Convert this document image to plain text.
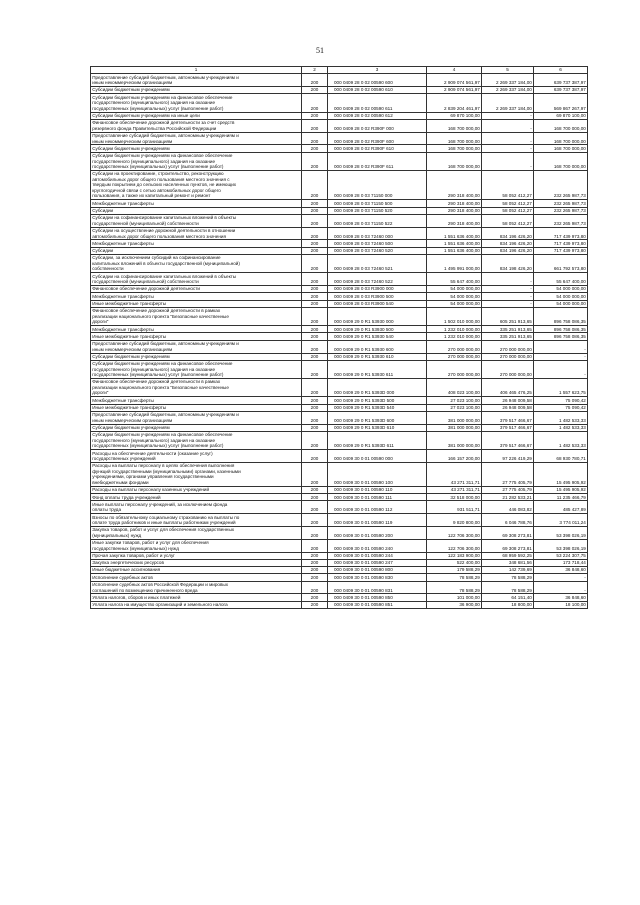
51
1	2	3	4	5	6
Предоставление субсидий бюджетным, автономным учреждениям и
иным некоммерческим организациям	200	000 0409 28 0 02 00590 600	2 909 074 561,97	2 269 337 184,00	639 737 387,97
Субсидии бюджетным учреждениям	200	000 0409 28 0 02 00590 610	2 909 074 561,97	2 269 337 184,00	639 737 387,97
Субсидии бюджетным учреждениям на финансовое обеспечение
государственного (муниципального) задания на оказание
государственных (муниципальных) услуг (выполнение работ)	200	000 0409 28 0 02 00590 611	2 839 204 461,97	2 269 337 184,00	569 867 267,97
Субсидии бюджетным учреждениям на иные цели	200	000 0409 28 0 02 00590 612	69 870 100,00	-	69 870 100,00
Финансовое обеспечение дорожной деятельности за счет средств
резервного фонда Правительства Российской Федерации	200	000 0409 28 0 02 R390F 000	168 700 000,00	-	168 700 000,00
Предоставление субсидий бюджетным, автономным учреждениям и
иным некоммерческим организациям	200	000 0409 28 0 02 R390F 600	168 700 000,00	-	168 700 000,00
Субсидии бюджетным учреждениям	200	000 0409 28 0 02 R390F 610	168 700 000,00	-	168 700 000,00
Субсидии бюджетным учреждениям на финансовое обеспечение
государственного (муниципального) задания на оказание
государственных (муниципальных) услуг (выполнение работ)	200	000 0409 28 0 02 R390F 611	168 700 000,00	-	168 700 000,00
Субсидии на проектирование, строительство, реконструкцию
автомобильных дорог общего пользования местного значения с
твердым покрытием до сельских населенных пунктов, не имеющих
круглогодичной связи с сетью автомобильных дорог общего
пользования, а также их капитальный ремонт и ремонт	200	000 0409 28 0 03 71150 000	290 318 400,00	58 052 412,27	232 265 987,73
Межбюджетные трансферты	200	000 0409 28 0 03 71150 500	290 318 400,00	58 052 412,27	232 265 987,73
Субсидии	200	000 0409 28 0 03 71150 520	290 318 400,00	58 052 412,27	232 265 987,73
Субсидии на софинансирование капитальных вложений в объекты
государственной (муниципальной) собственности	200	000 0409 28 0 03 71150 522	290 318 400,00	58 052 412,27	232 265 987,73
Субсидии на осуществление дорожной деятельности в отношении
автомобильных дорог общего пользования местного значения	200	000 0409 28 0 03 72460 000	1 551 636 400,00	834 196 426,20	717 439 973,80
Межбюджетные трансферты	200	000 0409 28 0 03 72460 500	1 551 636 400,00	834 196 426,20	717 439 973,80
Субсидии	200	000 0409 28 0 03 72460 520	1 551 636 400,00	834 196 426,20	717 439 973,80
Субсидии, за исключением субсидий на софинансирование
капитальных вложений в объекты государственной (муниципальной)
собственности	200	000 0409 28 0 03 72460 521	1 495 991 000,00	834 198 426,20	661 792 573,80
Субсидии на софинансирование капитальных вложений в объекты
государственной (муниципальной) собственности	200	000 0409 28 0 03 72460 522	55 647 400,00	-	55 647 400,00
Финансовое обеспечение дорожной деятельности	200	000 0409 28 0 03 R3900 000	54 000 000,00	-	54 000 000,00
Межбюджетные трансферты	200	000 0409 28 0 03 R3900 500	54 000 000,00	-	54 000 000,00
Иные межбюджетные трансферты	200	000 0409 28 0 03 R3900 540	54 000 000,00	-	54 000 000,00
Финансовое обеспечение дорожной деятельности в рамках
реализации национального проекта "Безопасные качественные
дороги"	200	000 0409 29 0 R1 53930 000	1 502 010 000,00	605 251 913,65	896 758 086,35
Межбюджетные трансферты	200	000 0409 29 0 R1 53930 500	1 232 010 000,00	335 251 913,65	896 758 086,35
Иные межбюджетные трансферты	200	000 0409 29 0 R1 53930 540	1 232 010 000,00	335 251 913,65	896 758 086,35
Предоставление субсидий бюджетным, автономным учреждениям и
иным некоммерческим организациям	200	000 0409 29 0 R1 53930 600	270 000 000,00	270 000 000,00	-
Субсидии бюджетным учреждениям	200	000 0409 29 0 R1 53930 610	270 000 000,00	270 000 000,00	-
Субсидии бюджетным учреждениям на финансовое обеспечение
государственного (муниципального) задания на оказание
государственных (муниципальных) услуг (выполнение работ)	200	000 0409 29 0 R1 53930 611	270 000 000,00	270 000 000,00	-
Финансовое обеспечение дорожной деятельности в рамках
реализации национального проекта "Безопасные качественные
дороги"	200	000 0409 29 0 R1 5393D 000	408 023 100,00	406 465 476,25	1 557 623,75
Межбюджетные трансферты	200	000 0409 29 0 R1 5393D 500	27 023 100,00	26 948 009,58	75 090,42
Иные межбюджетные трансферты	200	000 0409 29 0 R1 5393D 540	27 023 100,00	26 948 009,58	75 090,42
Предоставление субсидий бюджетным, автономным учреждениям и
иным некоммерческим организациям	200	000 0409 29 0 R1 5393D 600	381 000 000,00	379 517 466,67	1 482 533,33
Субсидии бюджетным учреждениям	200	000 0409 29 0 R1 5393D 610	381 000 000,00	379 517 466,67	1 482 533,33
Субсидии бюджетным учреждениям на финансовое обеспечение
государственного (муниципального) задания на оказание
государственных (муниципальных) услуг (выполнение работ)	200	000 0409 29 0 R1 5393D 611	381 000 000,00	379 517 466,67	1 482 533,33
Расходы на обеспечение деятельности (оказание услуг)
государственных учреждений	200	000 0409 30 0 01 00590 000	166 157 200,00	97 226 419,29	68 930 780,71
Расходы на выплаты персоналу в целях обеспечения выполнения
функций государственными (муниципальными) органами, казенными
учреждениями, органами управления государственными
внебюджетными фондами	200	000 0409 30 0 01 00590 100	43 271 311,71	27 775 405,79	15 495 905,92
Расходы на выплаты персоналу казенных учреждений	200	000 0409 30 0 01 00590 110	43 271 311,71	27 775 405,79	15 495 905,92
Фонд оплаты труда учреждений	200	000 0409 30 0 01 00590 111	32 518 000,00	21 282 533,21	11 235 466,79
Иные выплаты персоналу учреждений, за исключением фонда
оплаты труда	200	000 0409 30 0 01 00590 112	931 511,71	446 083,82	485 427,89
Взносы по обязательному социальному страхованию на выплаты по
оплате труда работников и иные выплаты работникам учреждений	200	000 0409 30 0 01 00590 119	9 820 800,00	6 046 788,76	3 774 011,24
Закупка товаров, работ и услуг для обеспечения государственных
(муниципальных) нужд	200	000 0409 30 0 01 00590 200	122 706 300,00	69 308 273,81	53 398 026,19
Иные закупки товаров, работ и услуг для обеспечения
государственных (муниципальных) нужд	200	000 0409 30 0 01 00590 240	122 706 300,00	69 308 273,81	53 398 026,19
Прочая закупка товаров, работ и услуг	200	000 0409 30 0 01 00590 244	122 183 900,00	68 959 592,25	53 224 307,75
Закупка энергетических ресурсов	200	000 0409 30 0 01 00590 247	522 400,00	348 681,56	173 718,44
Иные бюджетные ассигнования	200	000 0409 30 0 01 00590 800	179 588,29	142 739,69	36 848,60
Исполнение судебных актов	200	000 0409 30 0 01 00590 830	78 588,29	78 588,29	-
Исполнение судебных актов Российской Федерации и мировых
соглашений по возмещению причиненного вреда	200	000 0409 30 0 01 00590 831	78 588,29	78 588,29	-
Уплата налогов, сборов и иных платежей	200	000 0409 30 0 01 00590 850	101 000,00	64 151,40	36 848,60
Уплата налога на имущество организаций и земельного налога	200	000 0409 30 0 01 00590 851	36 900,00	18 800,00	18 100,00
